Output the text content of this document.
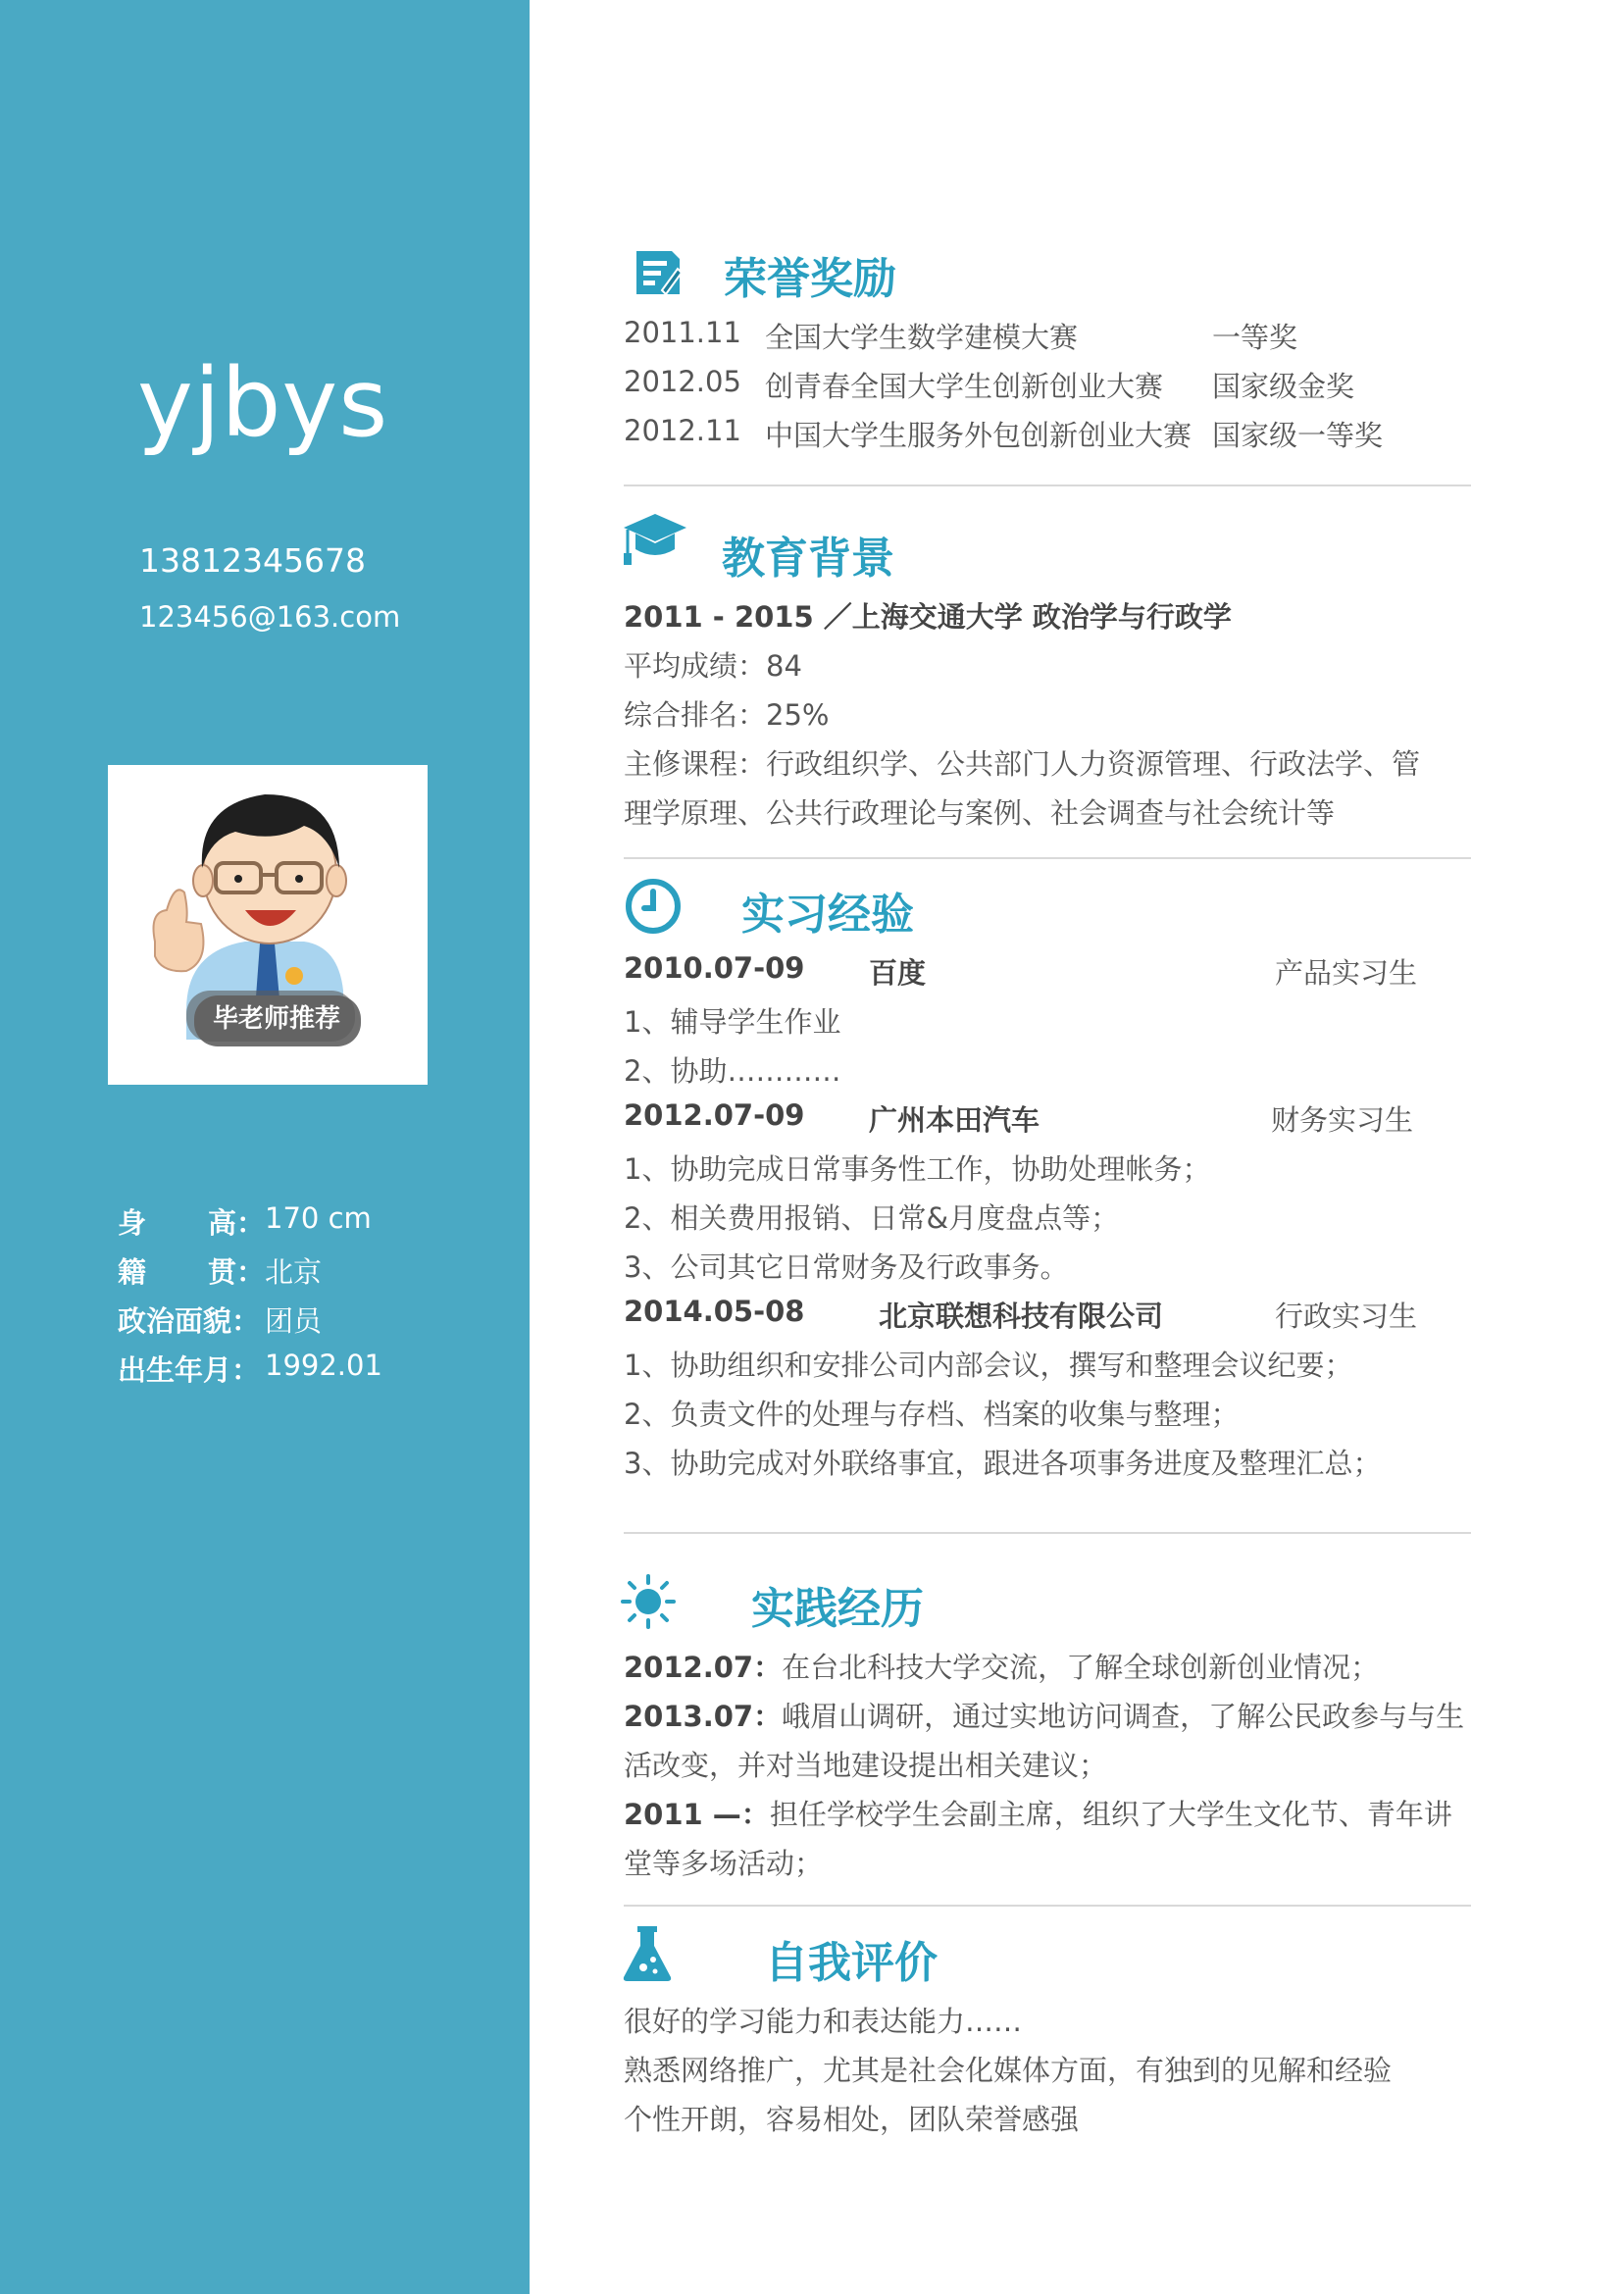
yjbys
13812345678
123456@163.com
毕老师推荐
身 高： 170 cm
籍 贯： 北京
政治面貌 ： 团员
出生年月 ： 1992.01
荣誉奖励
2011.11 全国大学生数学建模大赛	一等奖
2012.05 创青春全国大学生创新创业大赛 国家级金奖
2012.11 中国大学生服务外包创新创业大赛 国家级一等奖
教育背景
2011 - 2015 ／上海交通大学 政治学与行政学
平均成绩：84
综合排名：25%
主修课程：行政组织学、公共部门人力资源管理、行政法学、管
理学原理、公共行政理论与案例、社会调查与社会统计等
实习经验
2010.07-09 百度	产品实习生
1、辅导学生作业
2、协助…………
2012.07-09 广州本田汽车	财务实习生
1、协助完成日常事务性工作，协助处理帐务；
2、相关费用报销、日常&月度盘点等；
3、公司其它日常财务及行政事务。
2014.05-08	北京联想科技有限公司	行政实习生
1、协助组织和安排公司内部会议，撰写和整理会议纪要；
2、负责文件的处理与存档、档案的收集与整理；
3、协助完成对外联络事宜，跟进各项事务进度及整理汇总；
实践经历
2012.07：在台北科技大学交流，了解全球创新创业情况；
2013.07：峨眉山调研，通过实地访问调查，了解公民政参与与生
活改变，并对当地建设提出相关建议；
2011 —：担任学校学生会副主席，组织了大学生文化节、青年讲
堂等多场活动；
自我评价
很好的学习能力和表达能力……
熟悉网络推广，尤其是社会化媒体方面，有独到的见解和经验
个性开朗，容易相处，团队荣誉感强
